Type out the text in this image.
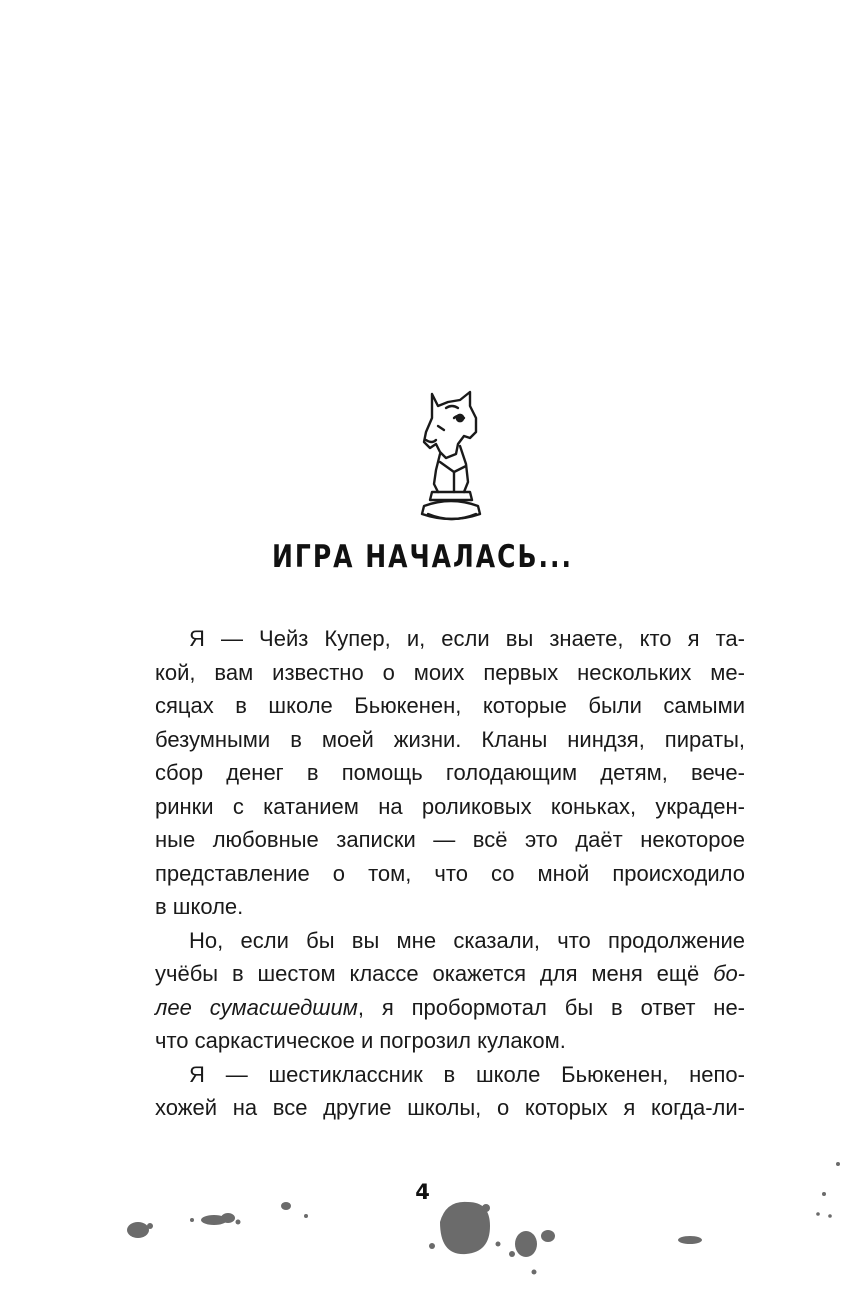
ИГРА НАЧАЛАСЬ...
Я — Чейз Купер, и, если вы знаете, кто я та-
кой, вам известно о моих первых нескольких ме-
сяцах в школе Бьюкенен, которые были самыми
безумными в моей жизни. Кланы ниндзя, пираты,
сбор денег в помощь голодающим детям, вече-
ринки с катанием на роликовых коньках, украден-
ные любовные записки — всё это даёт некоторое
представление о том, что со мной происходило
в школе.
Но, если бы вы мне сказали, что продолжение
учёбы в шестом классе окажется для меня ещё бо-
лее сумасшедшим, я пробормотал бы в ответ не-
что саркастическое и погрозил кулаком.
Я — шестиклассник в школе Бьюкенен, непо-
хожей на все другие школы, о которых я когда-ли-
4
